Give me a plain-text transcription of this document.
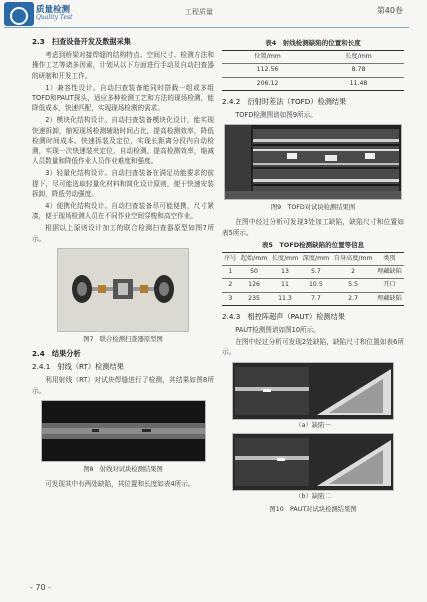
质量检测
Quality Test
工程质量	第40卷
2.3　扫查设备开发及数据采集

考虑到桥梁对接焊缝的结构特点、空间尺寸、检测方法和操作工艺等诸多因素，计划从以下方面进行手动及自动扫查器的研制和开发工作。

1）兼容性设计。自动扫查装备能同时搭载一组或多组TOFD和PAUT探头，适应多种检测工艺和方法的现场检测，能降低成本，快速匹配，实现现场检测的需求。

2）模块化结构设计。自动扫查装备模块化设计，能实现快速拆卸，缩短现场检测辅助时间占比，提高检测效率，降低检测时间成本。快速拆装及定位，实现长距离分段内自动检测，实现一次快速装夹定位，自动检测，提高检测效率，缩减人员数量和降低作业人员作业难度和强度。

3）轻量化结构设计。自动扫查装备在满足功能要求的前提下，尽可能选取轻量化材料和简化设计原则，便于快速安装拆卸，降低劳动强度。

4）便携化结构设计。自动扫查装备尽可能便携，尺寸紧凑，便于现场检测人员在不同作业空间穿梭和高空作业。

根据以上原则设计加工的联合检测扫查器原型如图7所示。

图7　联合检测扫查器原型图
2.4　结果分析
2.4.1　射线（RT）检测结果

利用射线（RT）对试块焊缝进行了检测，其结果如图8所示。

图8　射线对试块检测结果图

可发现其中有两处缺陷，其位置和长度如表4所示。

表4　射线检测缺陷的位置和长度
位置/mm	长度/mm
112.56	8.78
206.12	11.48
2.4.2　衍射时差法（TOFD）检测结果

TOFD检测图谱如图9所示。

图9　TOFD对试块检测结果图

在图中经过分析可发现3处加工缺陷，缺陷尺寸和位置如表5所示。

表5　TOFD检测缺陷的位置等信息
序号	起始/mm	长度/mm	深度/mm	自身高度/mm	类别
1	50	13	5.7	2	埋藏缺陷
2	126	11	10.5	5.5	开口
3	235	11.3	7.7	2.7	埋藏缺陷
2.4.3　相控阵超声（PAUT）检测结果

PAUT检测图谱如图10所示。

在图中经过分析可发现2处缺陷，缺陷尺寸和位置如表6所示。

（a）缺陷一
（b）缺陷二
图10　PAUT对试块检测结果图
- 70 -
